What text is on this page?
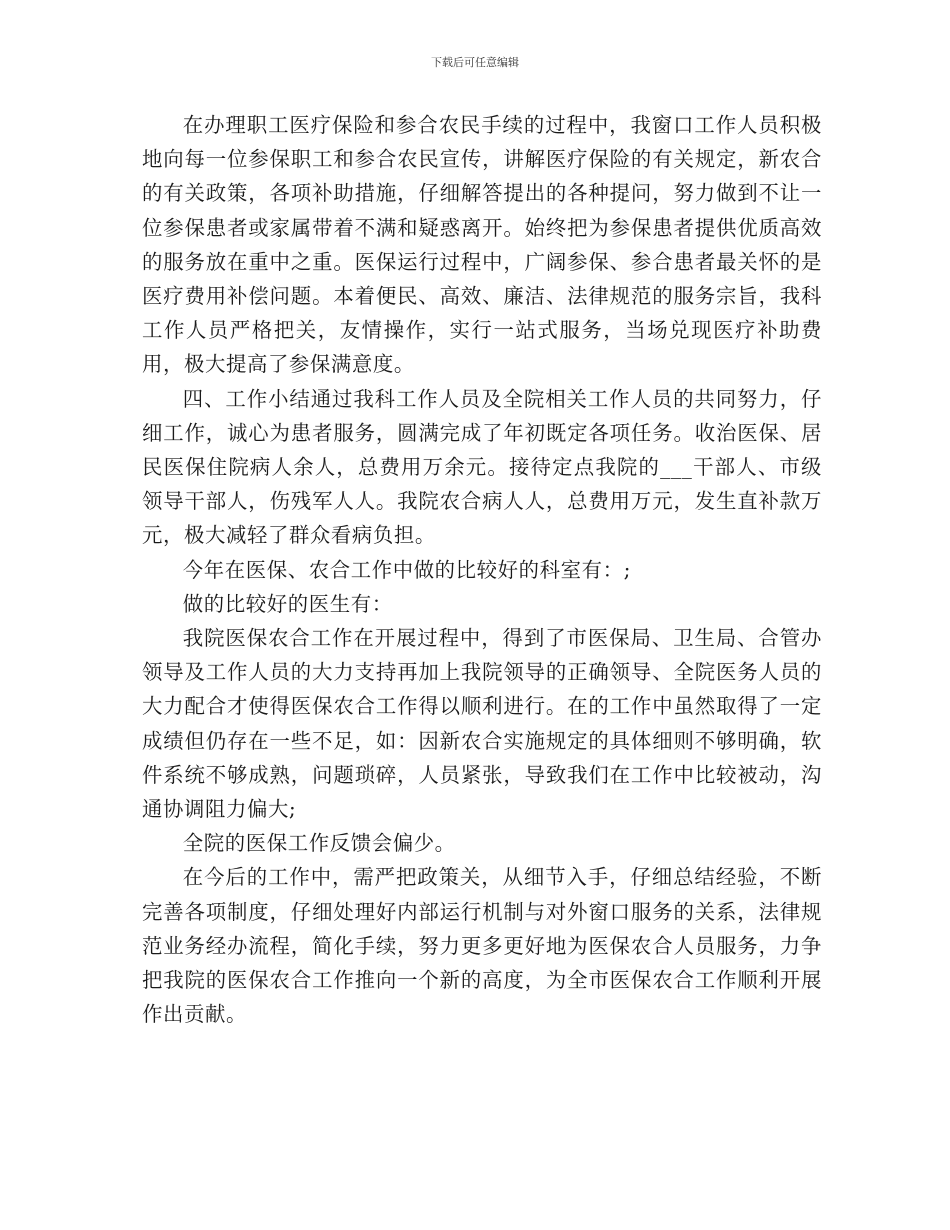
下载后可任意编辑

在办理职工医疗保险和参合农民手续的过程中，我窗口工作人员积极地向每一位参保职工和参合农民宣传，讲解医疗保险的有关规定，新农合的有关政策，各项补助措施，仔细解答提出的各种提问，努力做到不让一位参保患者或家属带着不满和疑惑离开。始终把为参保患者提供优质高效的服务放在重中之重。医保运行过程中，广阔参保、参合患者最关怀的是医疗费用补偿问题。本着便民、高效、廉洁、法律规范的服务宗旨，我科工作人员严格把关，友情操作，实行一站式服务，当场兑现医疗补助费用，极大提高了参保满意度。

四、工作小结通过我科工作人员及全院相关工作人员的共同努力，仔细工作，诚心为患者服务，圆满完成了年初既定各项任务。收治医保、居民医保住院病人余人，总费用万余元。接待定点我院的___干部人、市级领导干部人，伤残军人人。我院农合病人人，总费用万元，发生直补款万元，极大减轻了群众看病负担。

今年在医保、农合工作中做的比较好的科室有：;

做的比较好的医生有：

我院医保农合工作在开展过程中，得到了市医保局、卫生局、合管办领导及工作人员的大力支持再加上我院领导的正确领导、全院医务人员的大力配合才使得医保农合工作得以顺利进行。在的工作中虽然取得了一定成绩但仍存在一些不足，如：因新农合实施规定的具体细则不够明确，软件系统不够成熟，问题琐碎，人员紧张，导致我们在工作中比较被动，沟通协调阻力偏大;

全院的医保工作反馈会偏少。

在今后的工作中，需严把政策关，从细节入手，仔细总结经验，不断完善各项制度，仔细处理好内部运行机制与对外窗口服务的关系，法律规范业务经办流程，简化手续，努力更多更好地为医保农合人员服务，力争把我院的医保农合工作推向一个新的高度，为全市医保农合工作顺利开展作出贡献。
